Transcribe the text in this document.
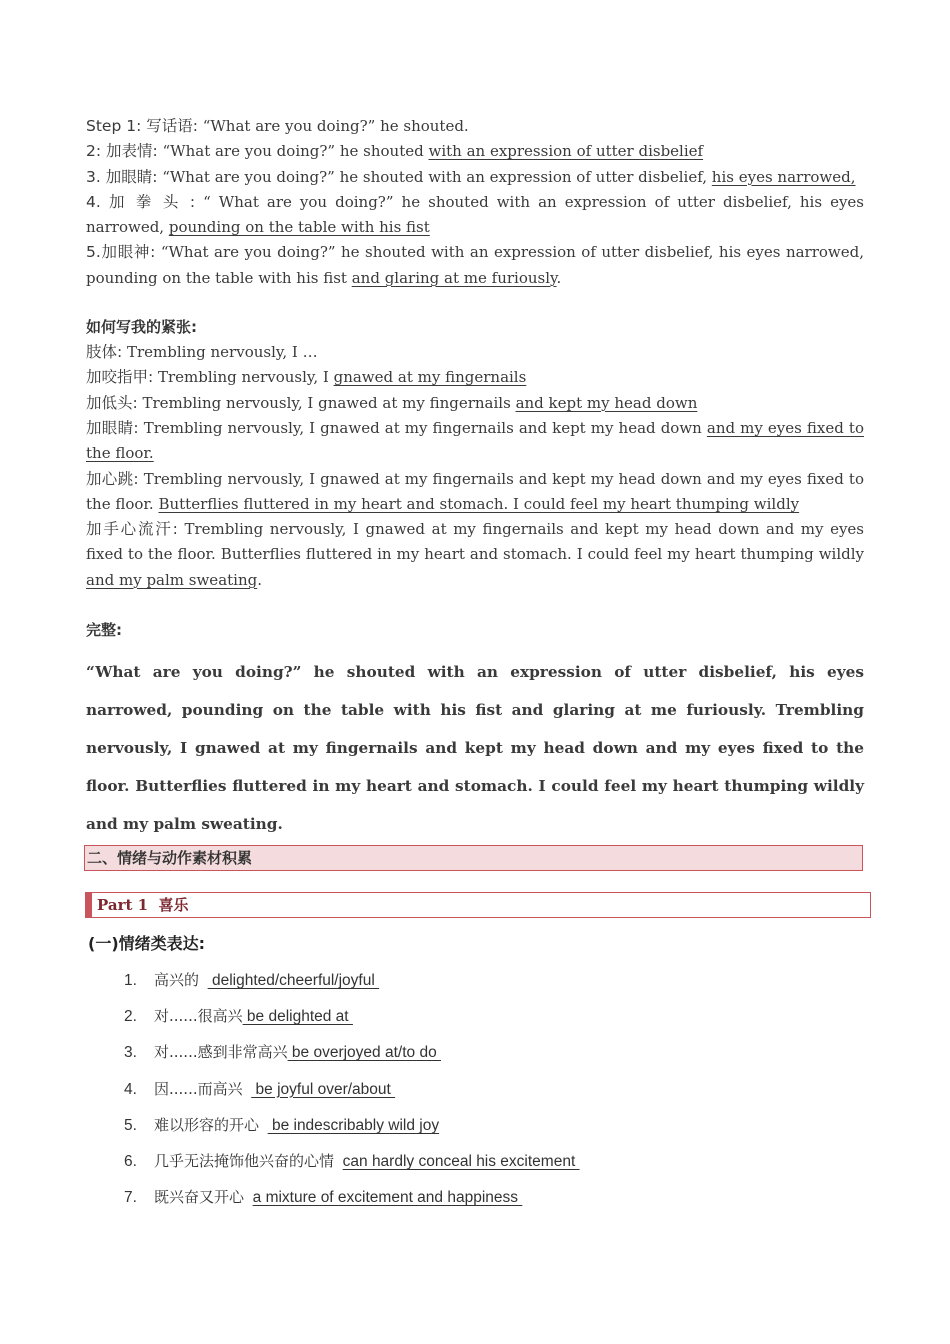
Step 1: 写话语: “What are you doing?” he shouted.

2: 加表情: “What are you doing?” he shouted with an expression of utter disbelief

3. 加眼睛: “What are you doing?” he shouted with an expression of utter disbelief, his eyes narrowed,

4. 加 拳 头 : “ What are you doing?” he shouted with an expression of utter disbelief, his eyes narrowed, pounding on the table with his fist

5.加眼神: “What are you doing?” he shouted with an expression of utter disbelief, his eyes narrowed, pounding on the table with his fist and glaring at me furiously.

如何写我的紧张:

肢体: Trembling nervously, I …

加咬指甲: Trembling nervously, I gnawed at my fingernails

加低头: Trembling nervously, I gnawed at my fingernails and kept my head down

加眼睛: Trembling nervously, I gnawed at my fingernails and kept my head down and my eyes fixed to the floor.

加心跳: Trembling nervously, I gnawed at my fingernails and kept my head down and my eyes fixed to the floor. Butterflies fluttered in my heart and stomach. I could feel my heart thumping wildly

加手心流汗: Trembling nervously, I gnawed at my fingernails and kept my head down and my eyes fixed to the floor. Butterflies fluttered in my heart and stomach. I could feel my heart thumping wildly and my palm sweating.

完整:

“What are you doing?” he shouted with an expression of utter disbelief, his eyes narrowed, pounding on the table with his fist and glaring at me furiously. Trembling nervously, I gnawed at my fingernails and kept my head down and my eyes fixed to the floor. Butterflies fluttered in my heart and stomach. I could feel my heart thumping wildly and my palm sweating.

二、情绪与动作素材积累
Part 1 喜乐
(一)情绪类表达:
1. 高兴的   delighted/cheerful/joyful
2. 对......很高兴 be delighted at
3. 对......感到非常高兴 be overjoyed at/to do
4. 因......而高兴   be joyful over/about
5. 难以形容的开心   be indescribably wild joy
6. 几乎无法掩饰他兴奋的心情 can hardly conceal his excitement
7. 既兴奋又开心 a mixture of excitement and happiness
